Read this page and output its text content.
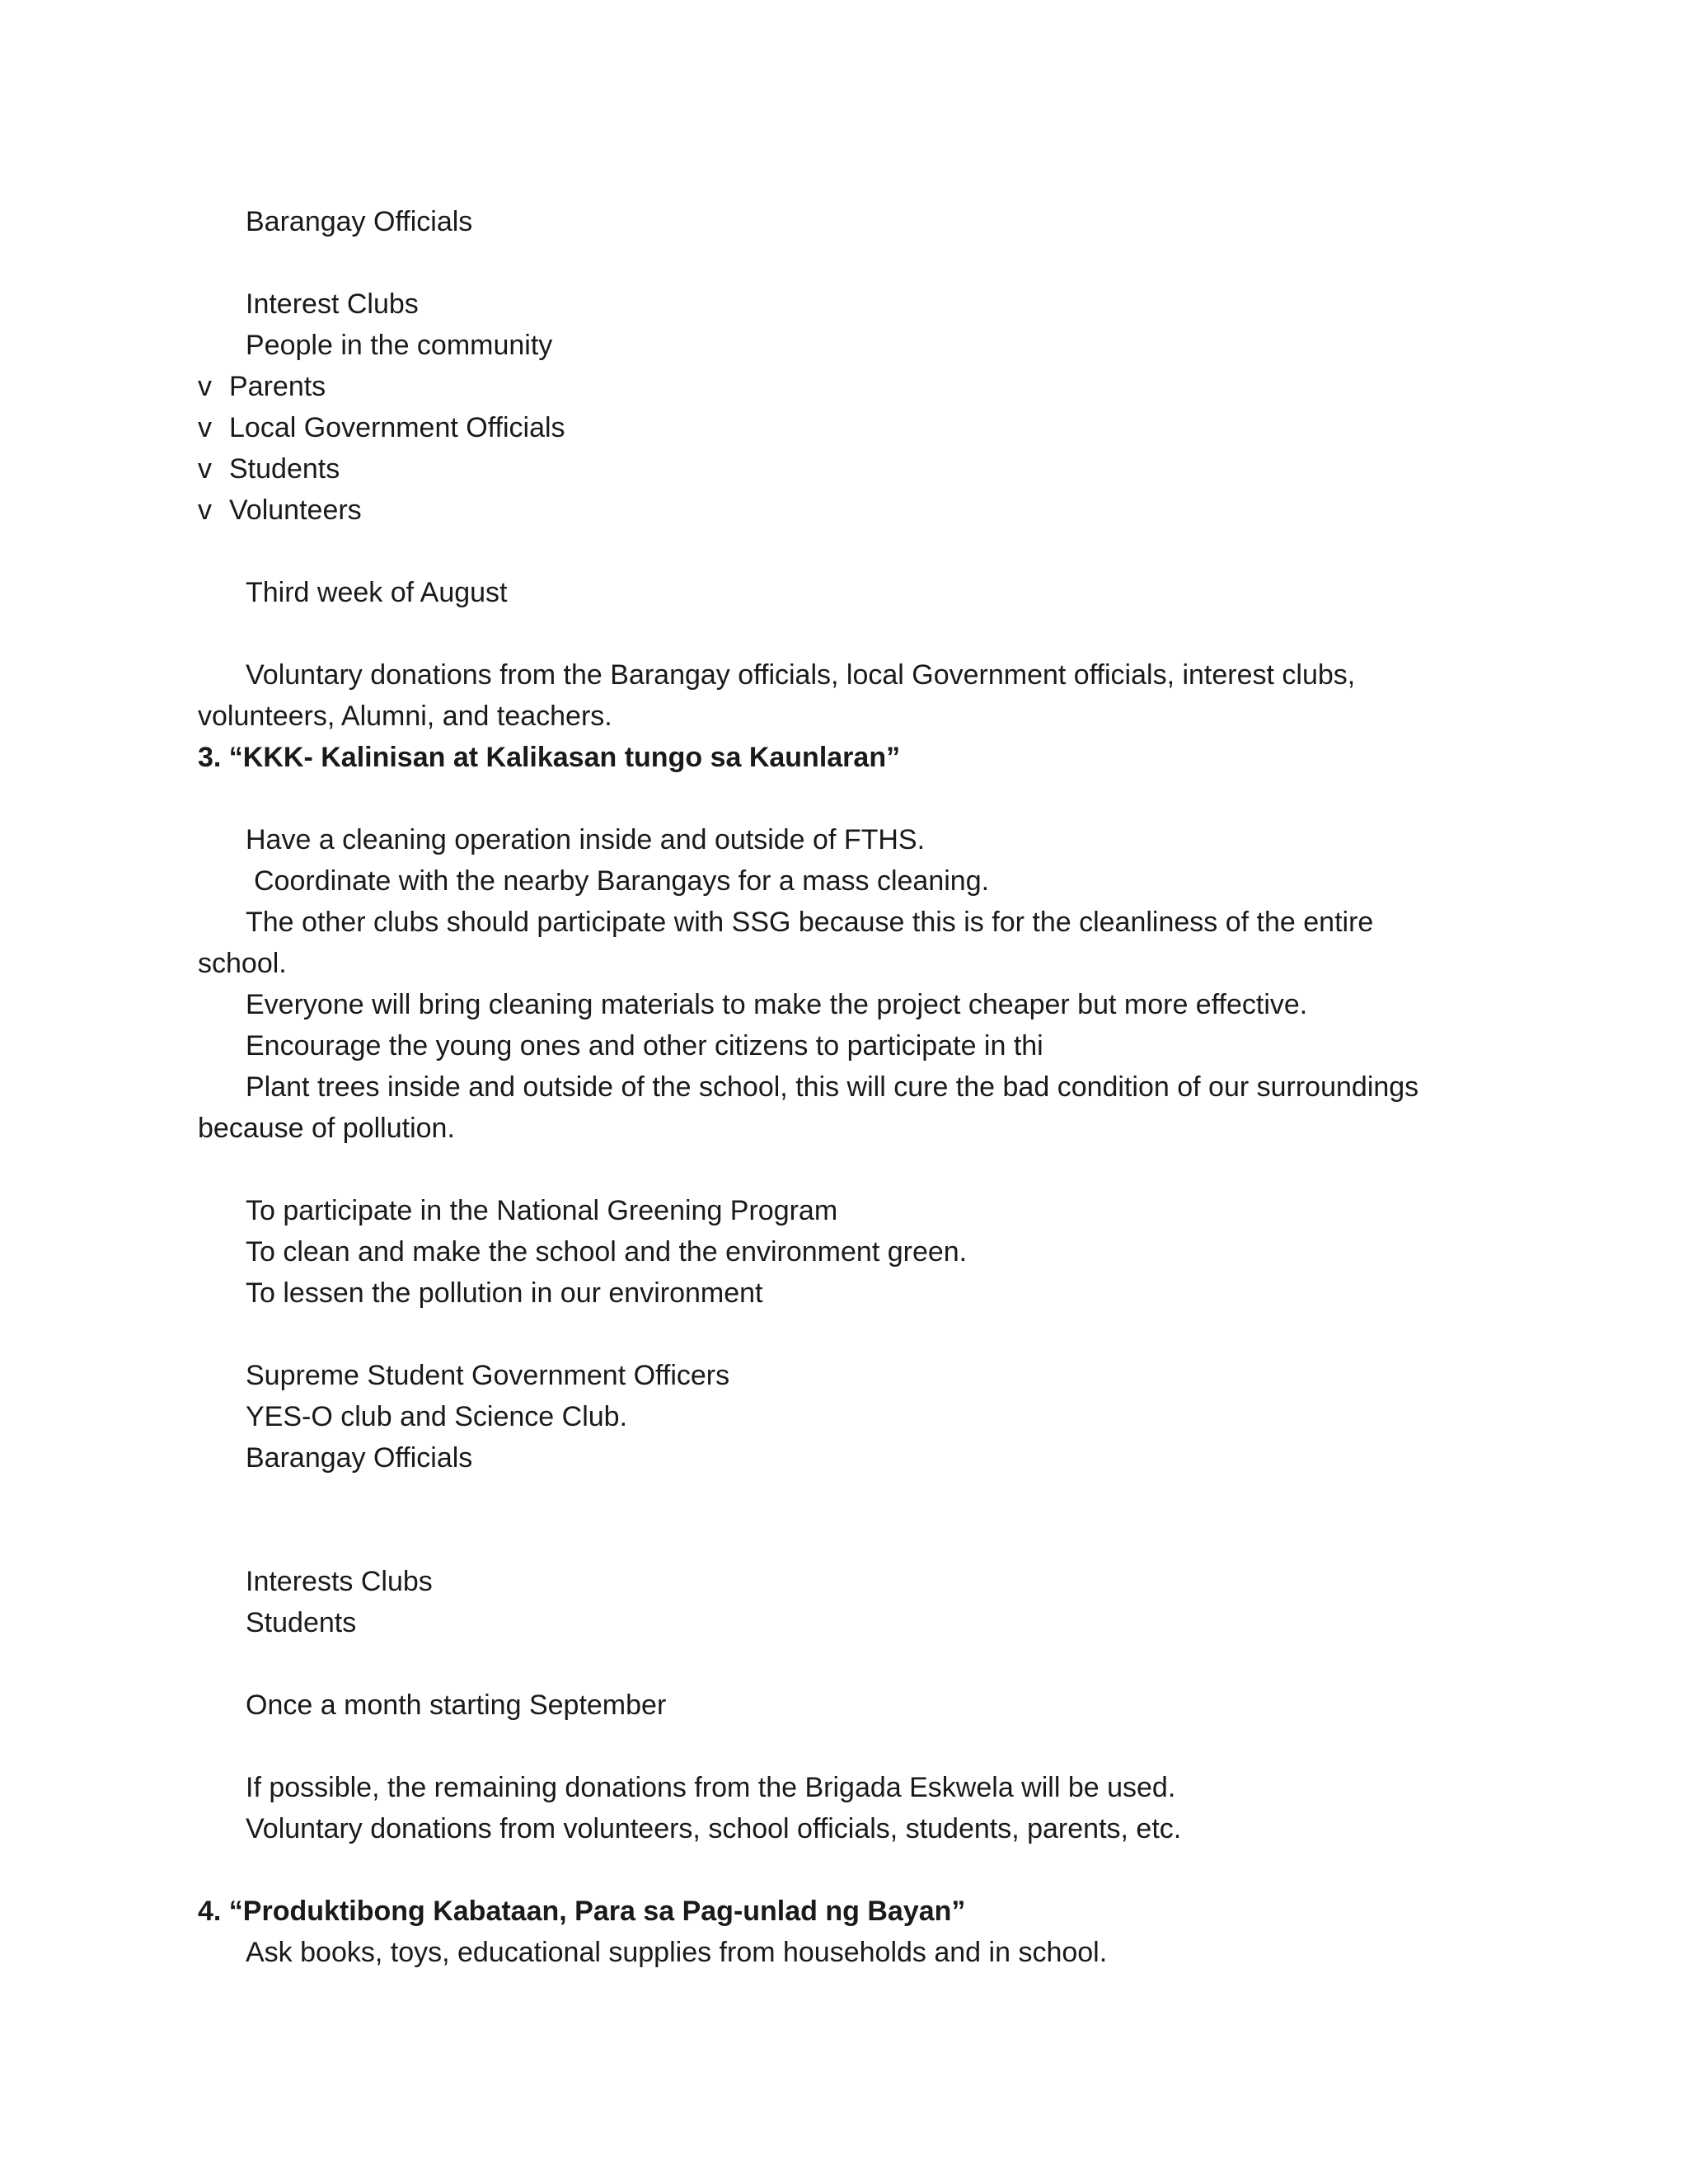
Barangay Officials

Interest Clubs

People in the community

v Parents
v Local Government Officials
v Students
v Volunteers

Third week of August

Voluntary donations from the Barangay officials, local Government officials, interest clubs,

volunteers, Alumni, and teachers.

3. “KKK- Kalinisan at Kalikasan tungo sa Kaunlaran”

Have a cleaning operation inside and outside of FTHS.

Coordinate with the nearby Barangays for a mass cleaning.

The other clubs should participate with SSG because this is for the cleanliness of the entire

school.

Everyone will bring cleaning materials to make the project cheaper but more effective.

Encourage the young ones and other citizens to participate in thi

Plant trees inside and outside of the school, this will cure the bad condition of our surroundings

because of pollution.

To participate in the National Greening Program

To clean and make the school and the environment green.

To lessen the pollution in our environment

Supreme Student Government Officers

YES-O club and Science Club.

Barangay Officials

Interests Clubs

Students

Once a month starting September

If possible, the remaining donations from the Brigada Eskwela will be used.

Voluntary donations from volunteers, school officials, students, parents, etc.

4. “Produktibong Kabataan, Para sa Pag-unlad ng Bayan”

Ask books, toys, educational supplies from households and in school.
